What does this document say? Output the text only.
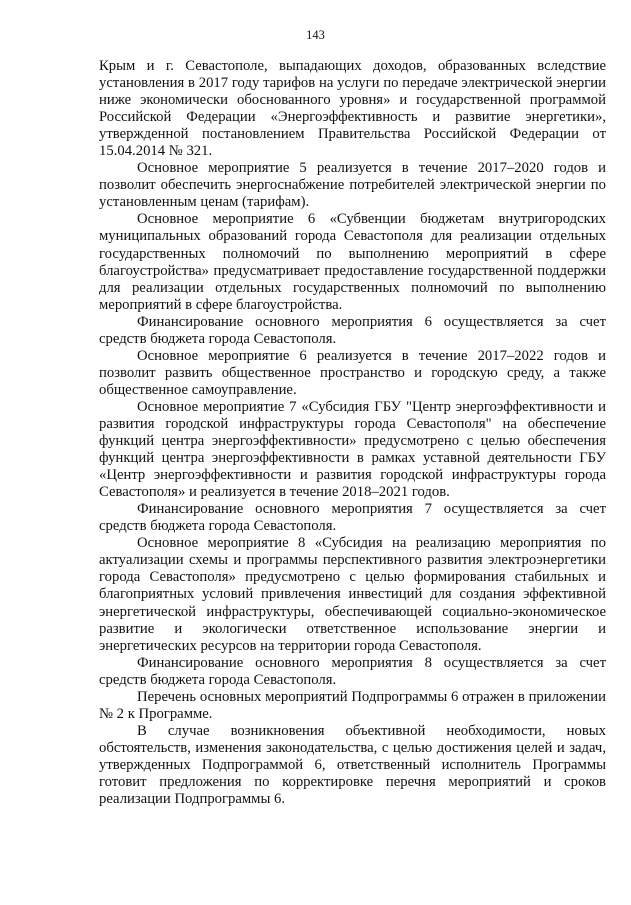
143

Крым и г. Севастополе, выпадающих доходов, образованных вследствие установления в 2017 году тарифов на услуги по передаче электрической энергии ниже экономически обоснованного уровня» и государственной программой Российской Федерации «Энергоэффективность и развитие энергетики», утвержденной постановлением Правительства Российской Федерации от 15.04.2014 № 321.

Основное мероприятие 5 реализуется в течение 2017–2020 годов и позволит обеспечить энергоснабжение потребителей электрической энергии по установленным ценам (тарифам).

Основное мероприятие 6 «Субвенции бюджетам внутригородских муниципальных образований города Севастополя для реализации отдельных государственных полномочий по выполнению мероприятий в сфере благоустройства» предусматривает предоставление государственной поддержки для реализации отдельных государственных полномочий по выполнению мероприятий в сфере благоустройства.

Финансирование основного мероприятия 6 осуществляется за счет средств бюджета города Севастополя.

Основное мероприятие 6 реализуется в течение 2017–2022 годов и позволит развить общественное пространство и городскую среду, а также общественное самоуправление.

Основное мероприятие 7 «Субсидия ГБУ "Центр энергоэффективности и развития городской инфраструктуры города Севастополя" на обеспечение функций центра энергоэффективности» предусмотрено с целью обеспечения функций центра энергоэффективности в рамках уставной деятельности ГБУ «Центр энергоэффективности и развития городской инфраструктуры города Севастополя» и реализуется в течение 2018–2021 годов.

Финансирование основного мероприятия 7 осуществляется за счет средств бюджета города Севастополя.

Основное мероприятие 8 «Субсидия на реализацию мероприятия по актуализации схемы и программы перспективного развития электроэнергетики города Севастополя» предусмотрено с целью формирования стабильных и благоприятных условий привлечения инвестиций для создания эффективной энергетической инфраструктуры, обеспечивающей социально-экономическое развитие и экологически ответственное использование энергии и энергетических ресурсов на территории города Севастополя.

Финансирование основного мероприятия 8 осуществляется за счет средств бюджета города Севастополя.

Перечень основных мероприятий Подпрограммы 6 отражен в приложении № 2 к Программе.

В случае возникновения объективной необходимости, новых обстоятельств, изменения законодательства, с целью достижения целей и задач, утвержденных Подпрограммой 6, ответственный исполнитель Программы готовит предложения по корректировке перечня мероприятий и сроков реализации Подпрограммы 6.
